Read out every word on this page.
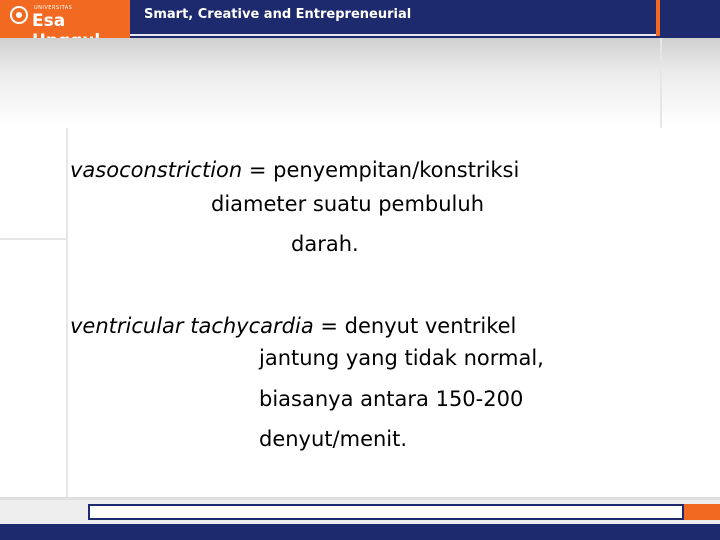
UNIVERSITAS
Esa	Smart, Creative and Entrepreneurial
vasoconstriction = penyempitan/konstriksi
diameter suatu pembuluh
darah.
ventricular tachycardia = denyut ventrikel
jantung yang tidak normal,
biasanya antara 150-200
denyut/menit.
